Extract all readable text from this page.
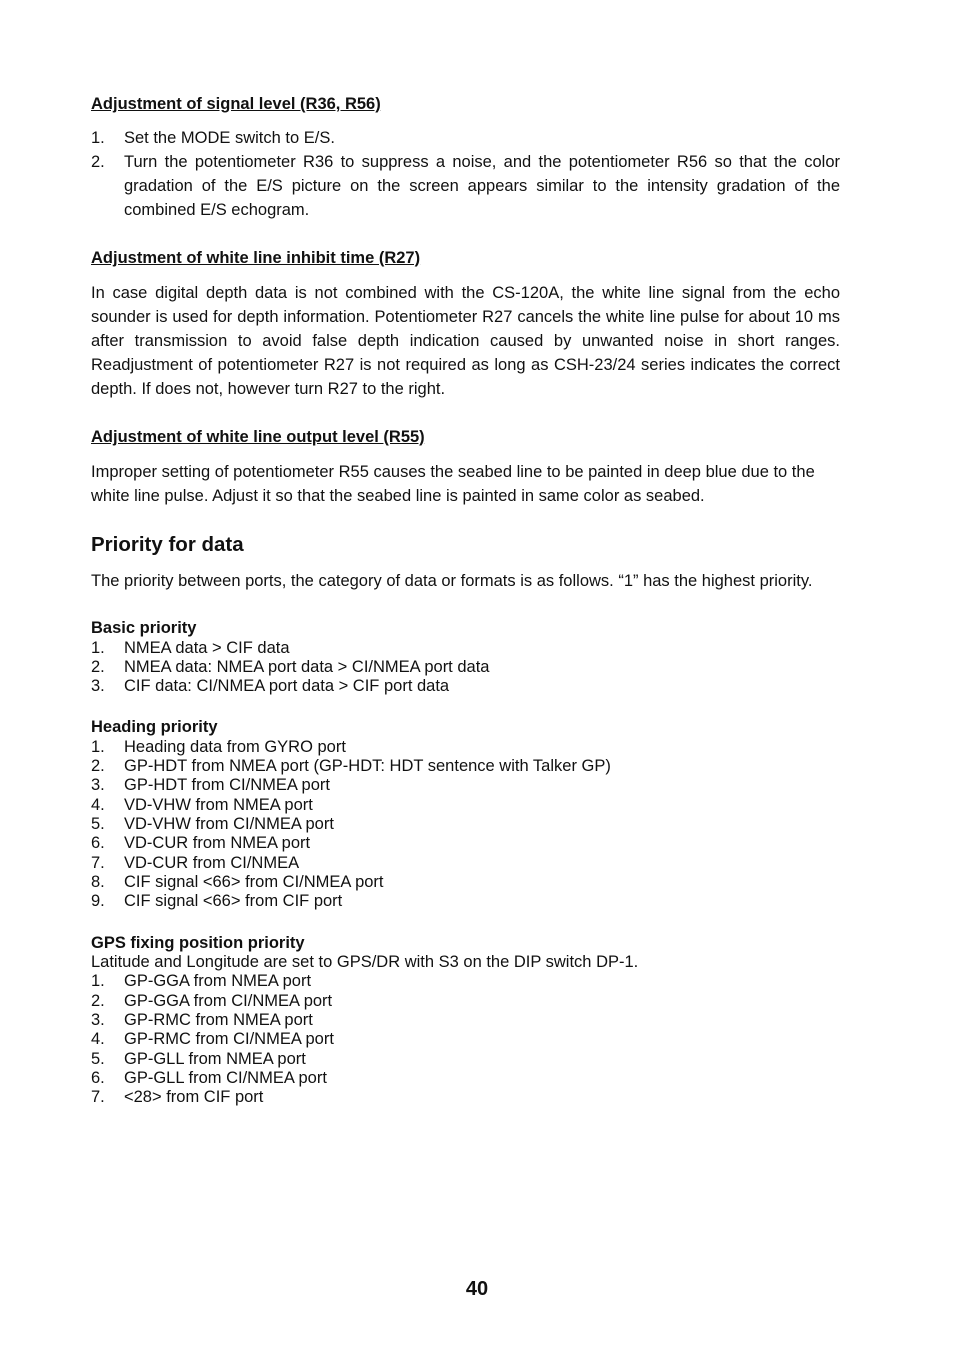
Adjustment of signal level (R36, R56)
1. Set the MODE switch to E/S.
2. Turn the potentiometer R36 to suppress a noise, and the potentiometer R56 so that the color gradation of the E/S picture on the screen appears similar to the intensity gradation of the combined E/S echogram.
Adjustment of white line inhibit time (R27)

In case digital depth data is not combined with the CS-120A, the white line signal from the echo sounder is used for depth information. Potentiometer R27 cancels the white line pulse for about 10 ms after transmission to avoid false depth indication caused by unwanted noise in short ranges. Readjustment of potentiometer R27 is not required as long as CSH-23/24 series indicates the correct depth. If does not, however turn R27 to the right.

Adjustment of white line output level (R55)

Improper setting of potentiometer R55 causes the seabed line to be painted in deep blue due to the white line pulse. Adjust it so that the seabed line is painted in same color as seabed.

Priority for data

The priority between ports, the category of data or formats is as follows. “1” has the highest priority.

Basic priority
1. NMEA data > CIF data
2. NMEA data: NMEA port data > CI/NMEA port data
3. CIF data: CI/NMEA port data > CIF port data
Heading priority
1. Heading data from GYRO port
2. GP-HDT from NMEA port (GP-HDT: HDT sentence with Talker GP)
3. GP-HDT from CI/NMEA port
4. VD-VHW from NMEA port
5. VD-VHW from CI/NMEA port
6. VD-CUR from NMEA port
7. VD-CUR from CI/NMEA
8. CIF signal <66> from CI/NMEA port
9. CIF signal <66> from CIF port
GPS fixing position priority

Latitude and Longitude are set to GPS/DR with S3 on the DIP switch DP-1.

1. GP-GGA from NMEA port
2. GP-GGA from CI/NMEA port
3. GP-RMC from NMEA port
4. GP-RMC from CI/NMEA port
5. GP-GLL from NMEA port
6. GP-GLL from CI/NMEA port
7. <28> from CIF port
40
